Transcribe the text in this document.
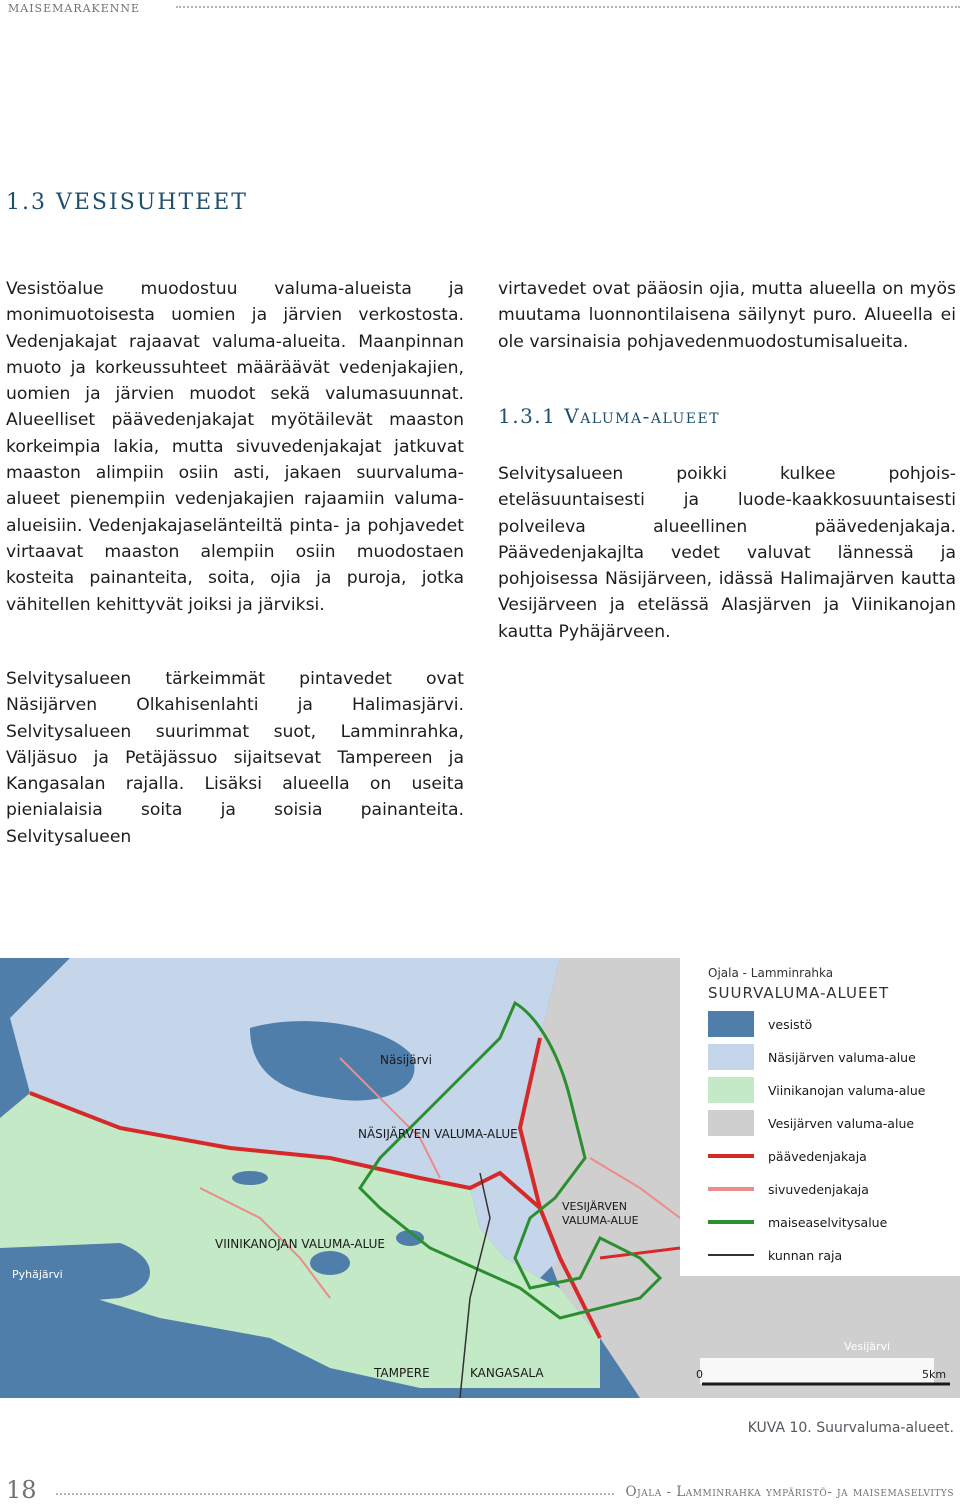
maisemarakenne
1.3 VESISUHTEET

Vesistöalue muodostuu valuma-alueista ja monimuotoisesta uomien ja järvien verkostosta. Vedenjakajat rajaavat valuma-alueita. Maanpinnan muoto ja korkeussuhteet määräävät vedenjakajien, uomien ja järvien muodot sekä valumasuunnat. Alueelliset päävedenjakajat myötäilevät maaston korkeimpia lakia, mutta sivuvedenjakajat jatkuvat maaston alimpiin osiin asti, jakaen suurvaluma-alueet pienempiin vedenjakajien rajaamiin valuma-alueisiin. Vedenjakajaselänteiltä pinta- ja pohjavedet virtaavat maaston alempiin osiin muodostaen kosteita painanteita, soita, ojia ja puroja, jotka vähitellen kehittyvät joiksi ja järviksi.

Selvitysalueen tärkeimmät pintavedet ovat Näsijärven Olkahisenlahti ja Halimasjärvi. Selvitysalueen suurimmat suot, Lamminrahka, Väljäsuo ja Petäjässuo sijaitsevat Tampereen ja Kangasalan rajalla. Lisäksi alueella on useita pienialaisia soita ja soisia painanteita. Selvitysalueen

virtavedet ovat pääosin ojia, mutta alueella on myös muutama luonnontilaisena säilynyt puro. Alueella ei ole varsinaisia pohjavedenmuodostumisalueita.

1.3.1 Valuma-alueet

Selvitysalueen poikki kulkee pohjois- eteläsuuntaisesti ja luode-kaakkosuuntaisesti polveileva alueellinen päävedenjakaja. Päävedenjakajlta vedet valuvat lännessä ja pohjoisessa Näsijärveen, idässä Halimajärven kautta Vesijärveen ja etelässä Alasjärven ja Viinikanojan kautta Pyhäjärveen.

Ojala - Lamminrahka
SUURVALUMA-ALUEET
vesistö
Näsijärven valuma-alue
Viinikanojan valuma-alue
Vesijärven valuma-alue
päävedenjakaja
sivuvedenjakaja
maiseaselvitysalue
kunnan raja
Näsijärvi
NÄSIJÄRVEN VALUMA-ALUE
VESIJÄRVEN
VALUMA-ALUE
VIINIKANOJAN VALUMA-ALUE
Pyhäjärvi
TAMPERE	KANGASALA
Vesijärvi
0	5km
KUVA 10. Suurvaluma-alueet.
18	Ojala - Lamminrahka ympäristö- ja maisemaselvitys
